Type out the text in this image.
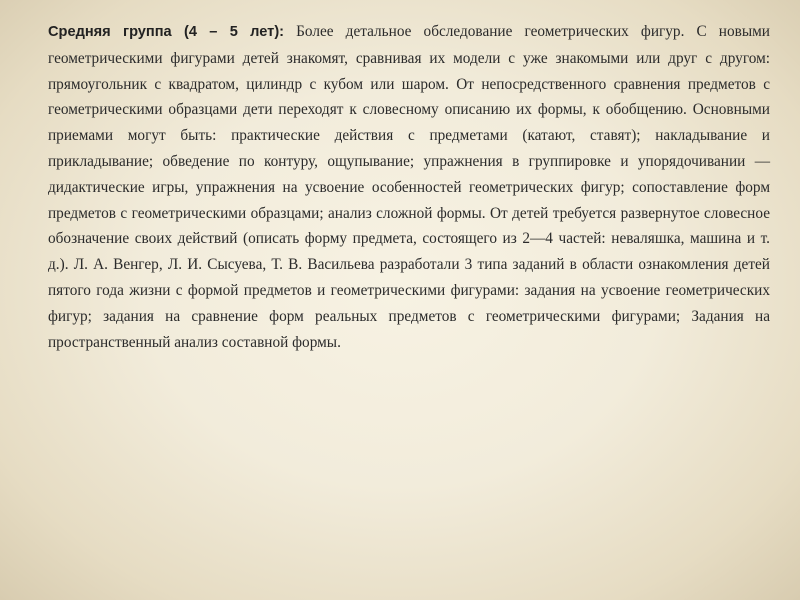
Средняя группа (4 – 5 лет): Более детальное обследование геометрических фигур. С новыми геометрическими фигурами детей знакомят, сравнивая их модели с уже знакомыми или друг с другом: прямоугольник с квадратом, цилиндр с кубом или шаром. От непосредственного сравнения предметов с геометрическими образцами дети переходят к словесному описанию их формы, к обобщению. Основными приемами могут быть: практические действия с предметами (катают, ставят); накладывание и прикладывание; обведение по контуру, ощупывание; упражнения в группировке и упорядочивании — дидактические игры, упражнения на усвоение особенностей геометрических фигур; сопоставление форм предметов с геометрическими образцами; анализ сложной формы. От детей требуется развернутое словесное обозначение своих действий (описать форму предмета, состоящего из 2—4 частей: неваляшка, машина и т. д.). Л. А. Венгер, Л. И. Сысуева, Т. В. Васильева разработали 3 типа заданий в области ознакомления детей пятого года жизни с формой предметов и геометрическими фигурами: задания на усвоение геометрических фигур; задания на сравнение форм реальных предметов с геометрическими фигурами; Задания на пространственный анализ составной формы.
